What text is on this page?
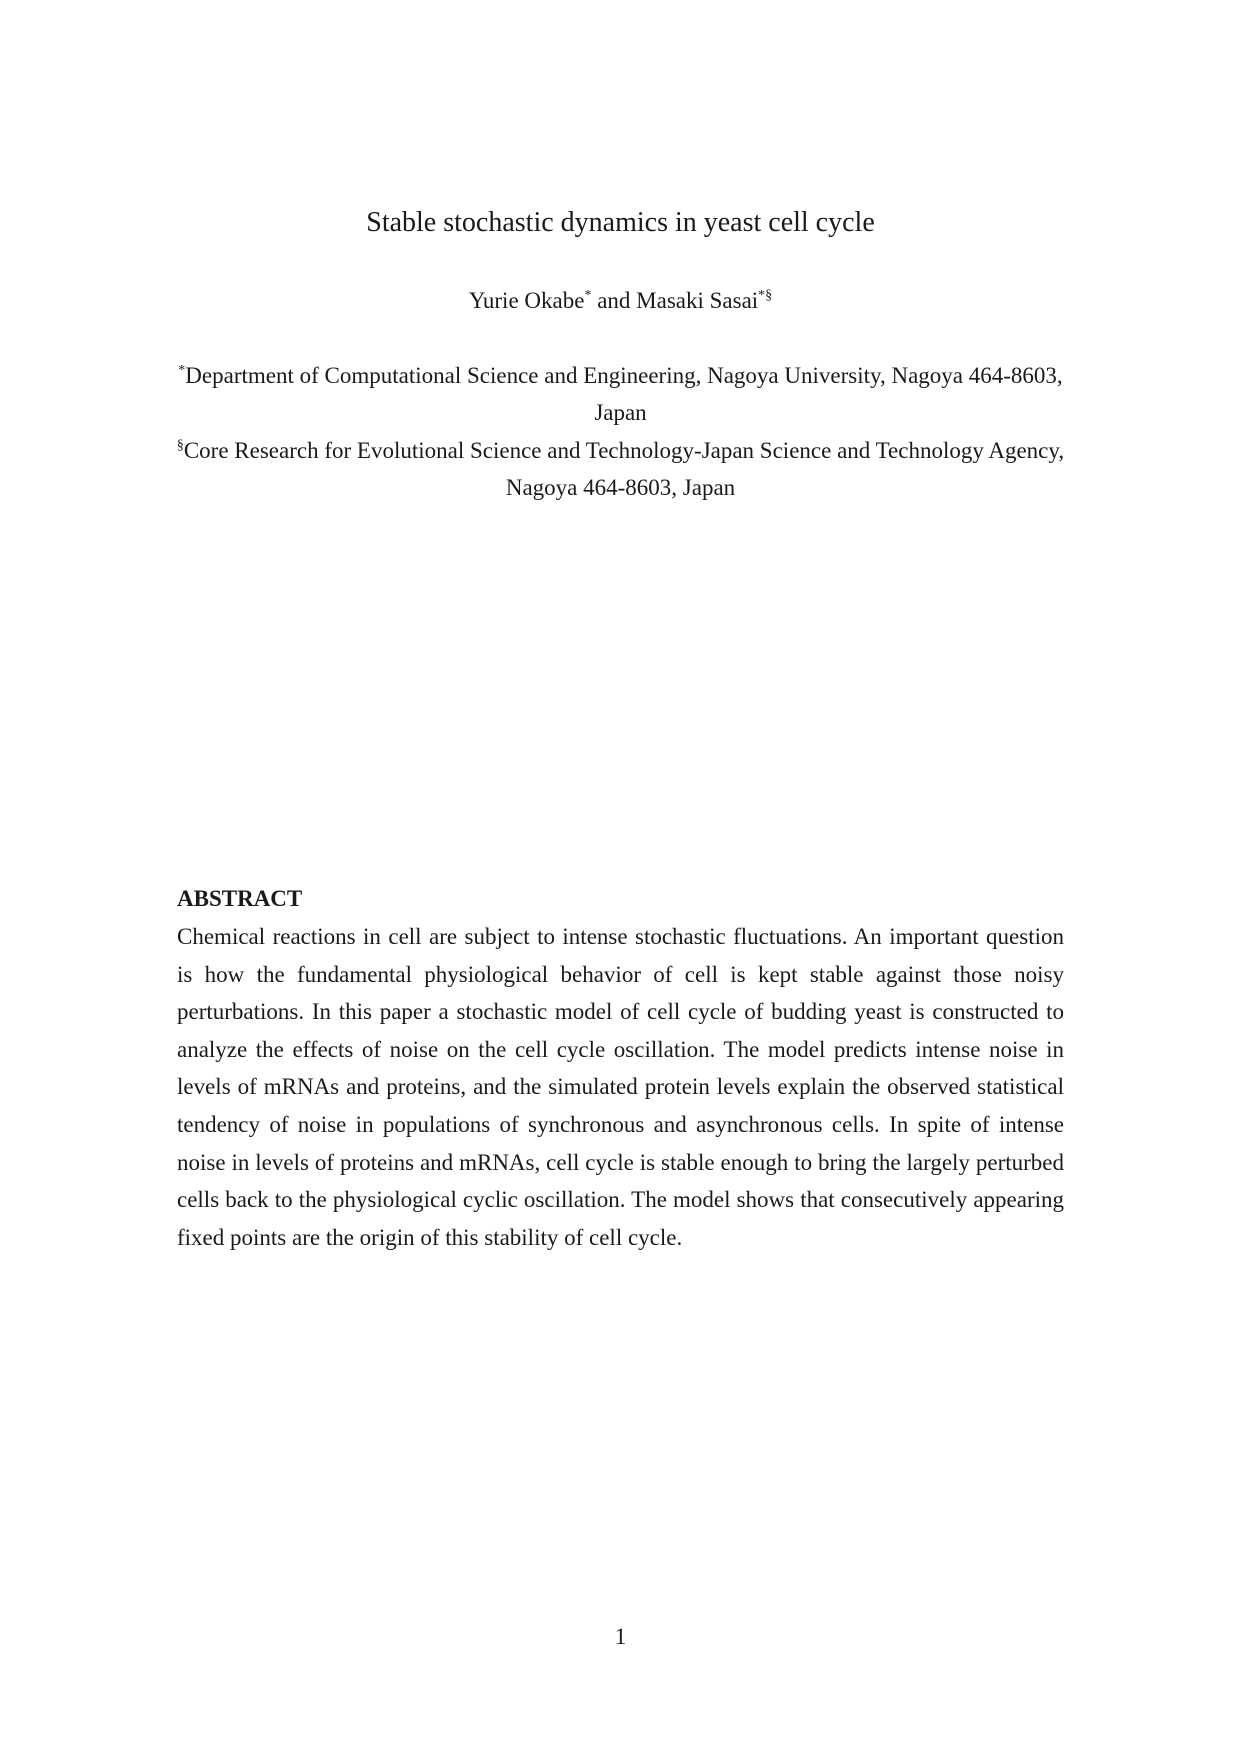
Stable stochastic dynamics in yeast cell cycle
Yurie Okabe* and Masaki Sasai*§
*Department of Computational Science and Engineering, Nagoya University, Nagoya 464-8603, Japan
§Core Research for Evolutional Science and Technology-Japan Science and Technology Agency, Nagoya 464-8603, Japan
ABSTRACT

Chemical reactions in cell are subject to intense stochastic fluctuations. An important question is how the fundamental physiological behavior of cell is kept stable against those noisy perturbations. In this paper a stochastic model of cell cycle of budding yeast is constructed to analyze the effects of noise on the cell cycle oscillation. The model predicts intense noise in levels of mRNAs and proteins, and the simulated protein levels explain the observed statistical tendency of noise in populations of synchronous and asynchronous cells. In spite of intense noise in levels of proteins and mRNAs, cell cycle is stable enough to bring the largely perturbed cells back to the physiological cyclic oscillation. The model shows that consecutively appearing fixed points are the origin of this stability of cell cycle.

1
